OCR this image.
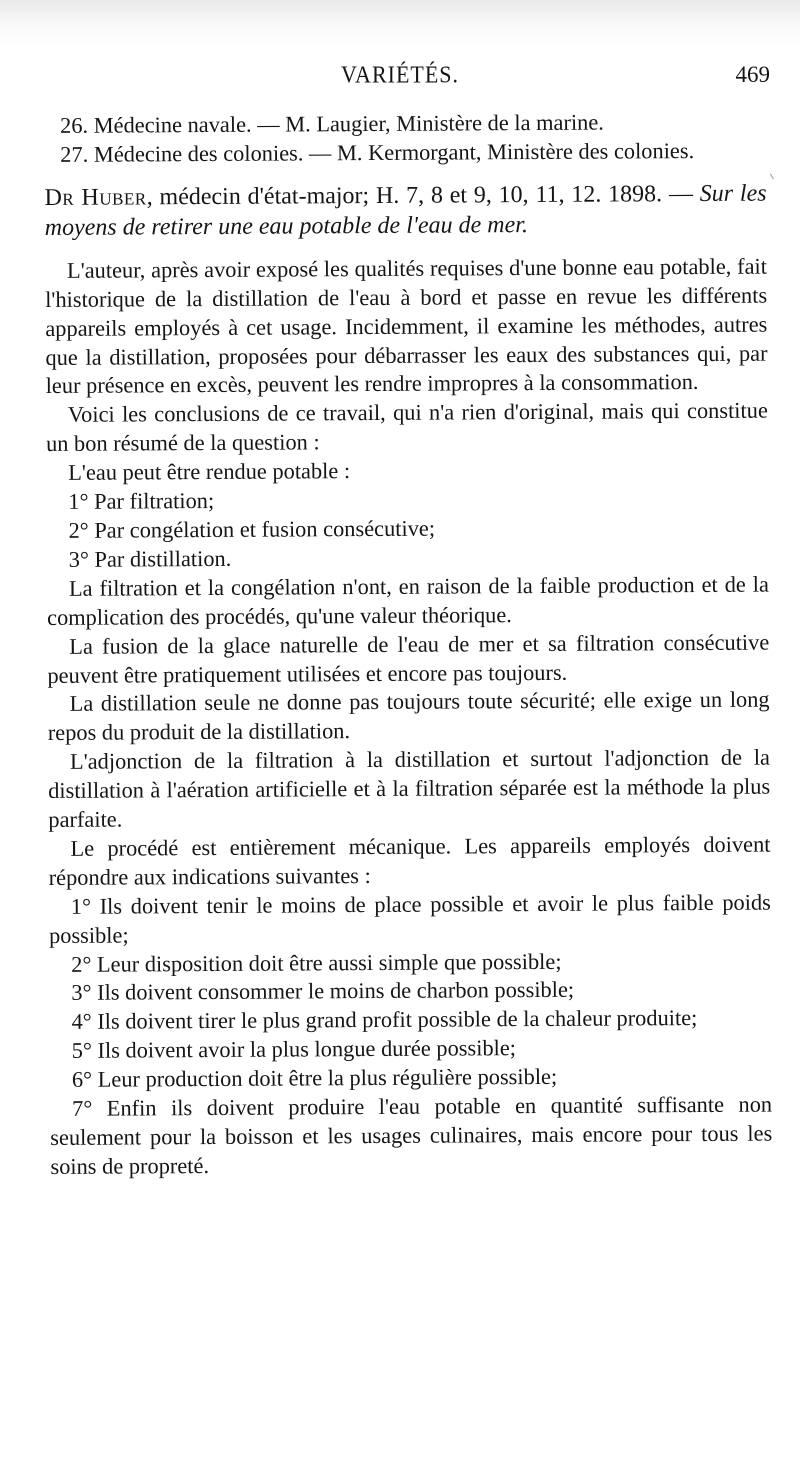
VARIÉTÉS.	469

26. Médecine navale. — M. Laugier, Ministère de la marine.

27. Médecine des colonies. — M. Kermorgant, Ministère des colonies.

Dr Huber, médecin d'état-major; H. 7, 8 et 9, 10, 11, 12. 1898. — Sur les moyens de retirer une eau potable de l'eau de mer.

L'auteur, après avoir exposé les qualités requises d'une bonne eau potable, fait l'historique de la distillation de l'eau à bord et passe en revue les différents appareils employés à cet usage. Incidemment, il examine les méthodes, autres que la distillation, proposées pour débarrasser les eaux des substances qui, par leur présence en excès, peuvent les rendre impropres à la consommation.

Voici les conclusions de ce travail, qui n'a rien d'original, mais qui constitue un bon résumé de la question :

L'eau peut être rendue potable :

1° Par filtration;

2° Par congélation et fusion consécutive;

3° Par distillation.

La filtration et la congélation n'ont, en raison de la faible production et de la complication des procédés, qu'une valeur théorique.

La fusion de la glace naturelle de l'eau de mer et sa filtration consécutive peuvent être pratiquement utilisées et encore pas toujours.

La distillation seule ne donne pas toujours toute sécurité; elle exige un long repos du produit de la distillation.

L'adjonction de la filtration à la distillation et surtout l'adjonction de la distillation à l'aération artificielle et à la filtration séparée est la méthode la plus parfaite.

Le procédé est entièrement mécanique. Les appareils employés doivent répondre aux indications suivantes :

1° Ils doivent tenir le moins de place possible et avoir le plus faible poids possible;

2° Leur disposition doit être aussi simple que possible;

3° Ils doivent consommer le moins de charbon possible;

4° Ils doivent tirer le plus grand profit possible de la chaleur produite;

5° Ils doivent avoir la plus longue durée possible;

6° Leur production doit être la plus régulière possible;

7° Enfin ils doivent produire l'eau potable en quantité suffisante non seulement pour la boisson et les usages culinaires, mais encore pour tous les soins de propreté.
